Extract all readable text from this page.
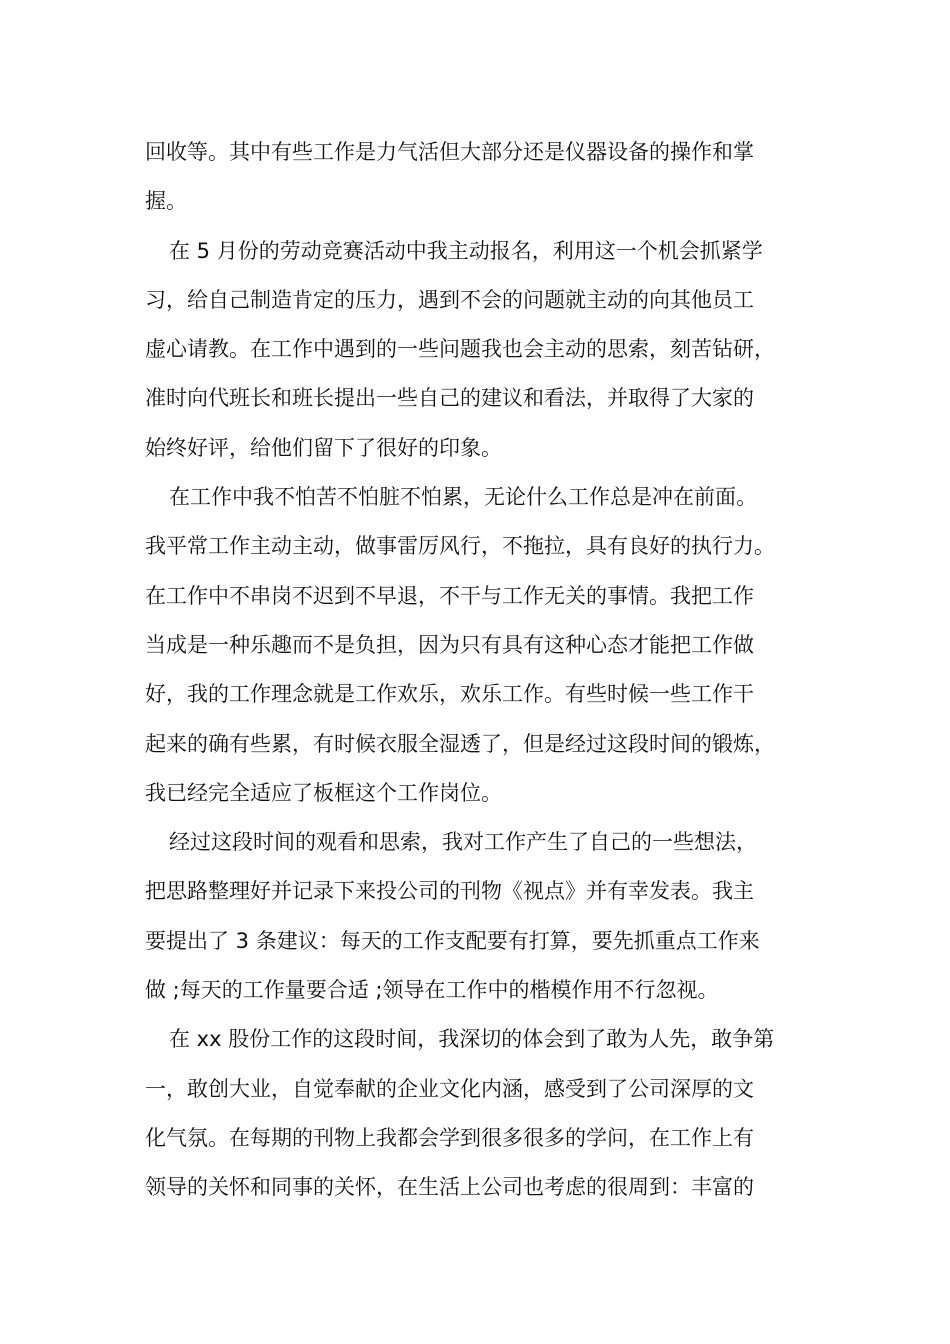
回收等。其中有些工作是力气活但大部分还是仪器设备的操作和掌
握。
在 5 月份的劳动竞赛活动中我主动报名，利用这一个机会抓紧学
习，给自己制造肯定的压力，遇到不会的问题就主动的向其他员工
虚心请教。在工作中遇到的一些问题我也会主动的思索，刻苦钻研，
准时向代班长和班长提出一些自己的建议和看法，并取得了大家的
始终好评，给他们留下了很好的印象。
在工作中我不怕苦不怕脏不怕累，无论什么工作总是冲在前面。
我平常工作主动主动，做事雷厉风行，不拖拉，具有良好的执行力。
在工作中不串岗不迟到不早退，不干与工作无关的事情。我把工作
当成是一种乐趣而不是负担，因为只有具有这种心态才能把工作做
好，我的工作理念就是工作欢乐，欢乐工作。有些时候一些工作干
起来的确有些累，有时候衣服全湿透了，但是经过这段时间的锻炼，
我已经完全适应了板框这个工作岗位。
经过这段时间的观看和思索，我对工作产生了自己的一些想法，
把思路整理好并记录下来投公司的刊物《视点》并有幸发表。我主
要提出了 3 条建议：每天的工作支配要有打算，要先抓重点工作来
做 ;每天的工作量要合适 ;领导在工作中的楷模作用不行忽视。
在 xx 股份工作的这段时间，我深切的体会到了敢为人先，敢争第
一，敢创大业，自觉奉献的企业文化内涵，感受到了公司深厚的文
化气氛。在每期的刊物上我都会学到很多很多的学问，在工作上有
领导的关怀和同事的关怀，在生活上公司也考虑的很周到：丰富的
